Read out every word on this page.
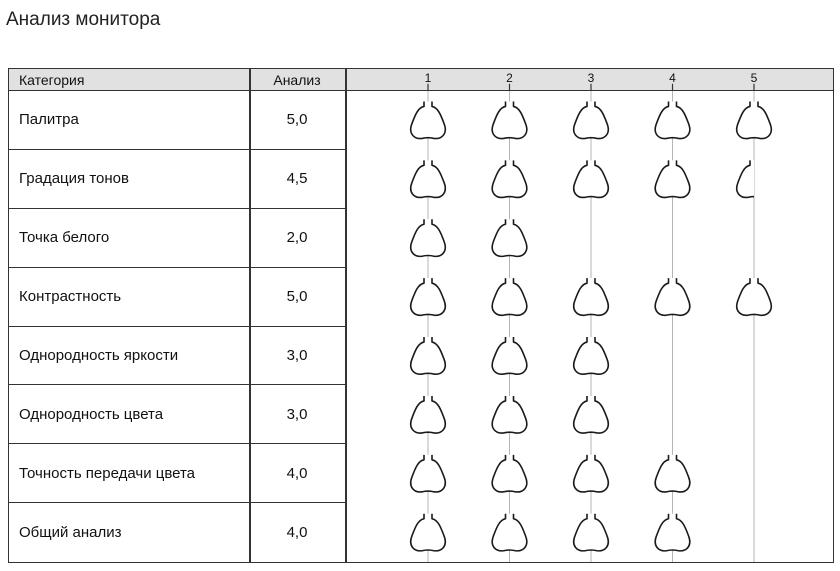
Анализ монитора
Категория	Анализ
Палитра	5,0
Градация тонов	4,5
Точка белого	2,0
Контрастность	5,0
Однородность яркости	3,0
Однородность цвета	3,0
Точность передачи цвета	4,0
Общий анализ	4,0
1	2	3	4	5
